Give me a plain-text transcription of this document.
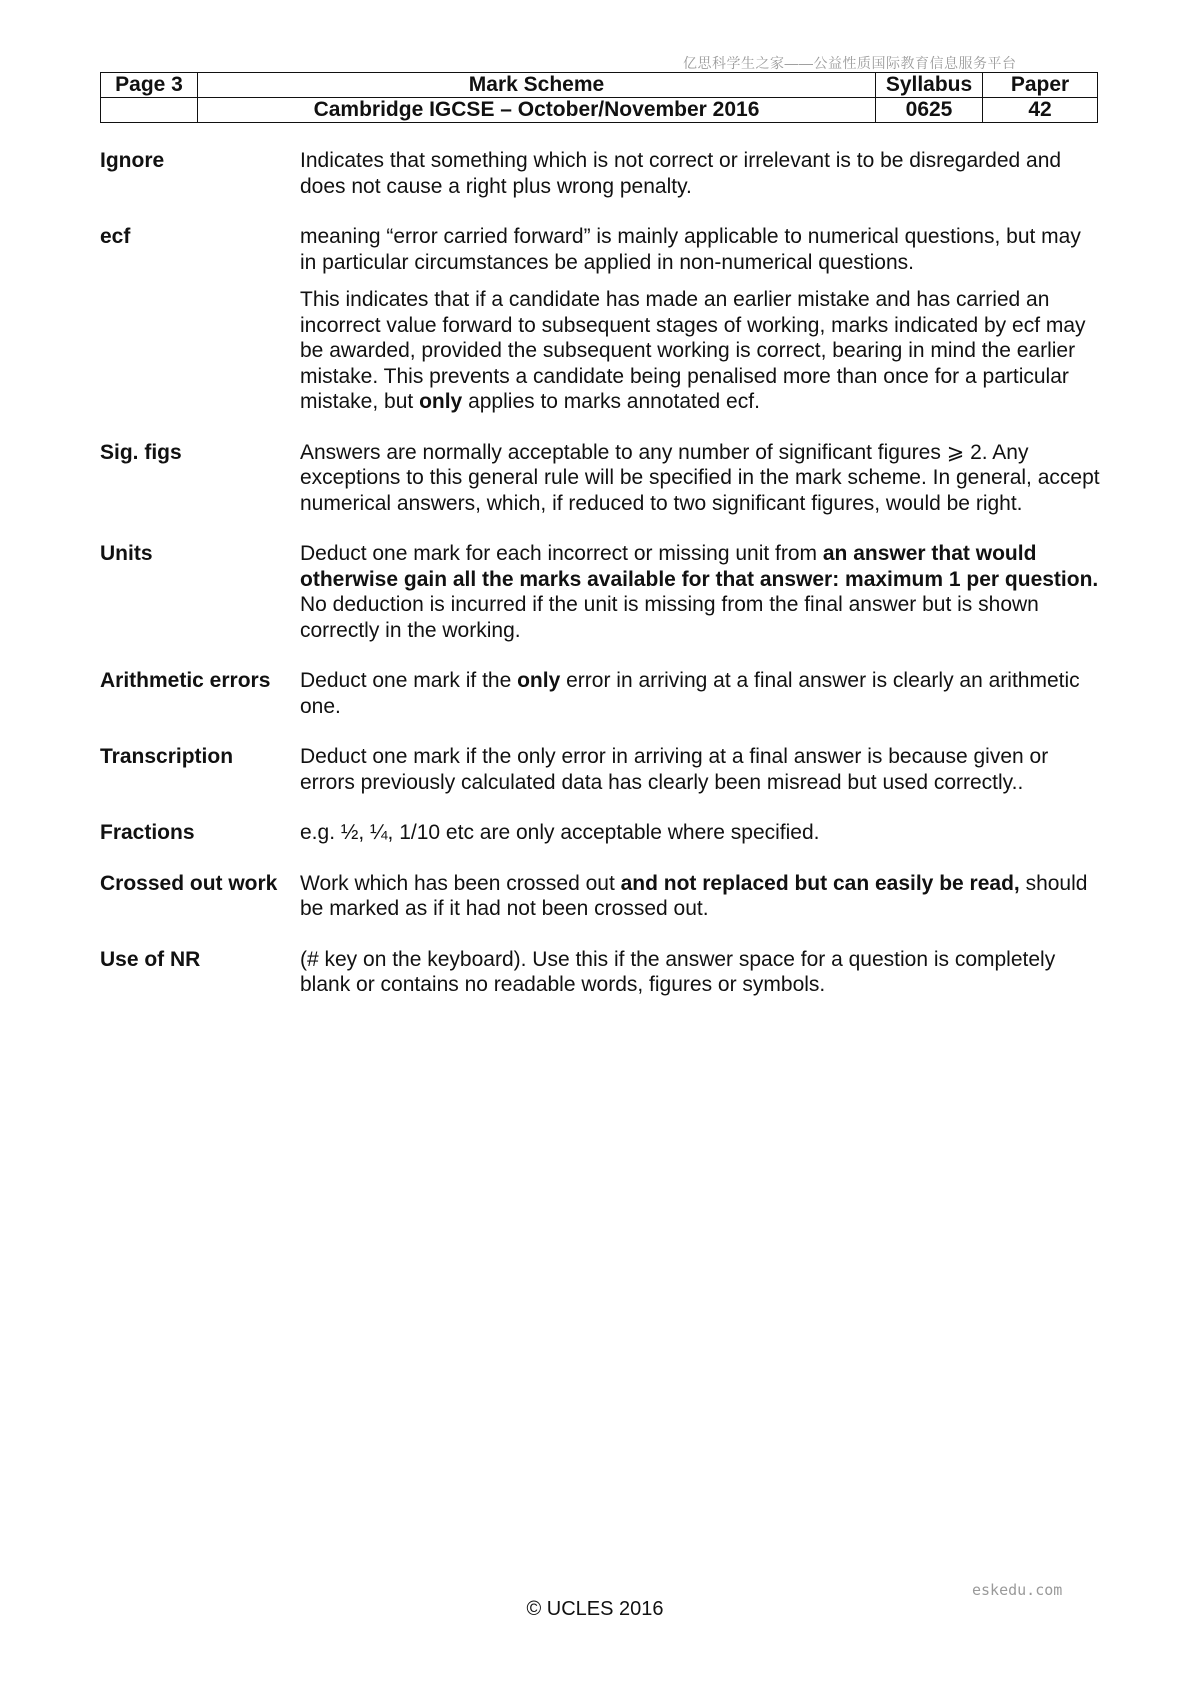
亿思科学生之家——公益性质国际教育信息服务平台
Page 3	Mark Scheme	Syllabus	Paper
	Cambridge IGCSE – October/November 2016	0625	42
Ignore	Indicates that something which is not correct or irrelevant is to be disregarded and does not cause a right plus wrong penalty.

ecf	meaning “error carried forward” is mainly applicable to numerical questions, but may in particular circumstances be applied in non-numerical questions.

This indicates that if a candidate has made an earlier mistake and has carried an incorrect value forward to subsequent stages of working, marks indicated by ecf may be awarded, provided the subsequent working is correct, bearing in mind the earlier mistake. This prevents a candidate being penalised more than once for a particular mistake, but only applies to marks annotated ecf.

Sig. figs	Answers are normally acceptable to any number of significant figures ⩾ 2. Any exceptions to this general rule will be specified in the mark scheme. In general, accept numerical answers, which, if reduced to two significant figures, would be right.

Units	Deduct one mark for each incorrect or missing unit from an answer that would otherwise gain all the marks available for that answer: maximum 1 per question. No deduction is incurred if the unit is missing from the final answer but is shown correctly in the working.

Arithmetic errors	Deduct one mark if the only error in arriving at a final answer is clearly an arithmetic one.

Transcription	Deduct one mark if the only error in arriving at a final answer is because given or errors previously calculated data has clearly been misread but used correctly..

Fractions	e.g. ½, ¼, 1/10 etc are only acceptable where specified.

Crossed out work	Work which has been crossed out and not replaced but can easily be read, should be marked as if it had not been crossed out.

Use of NR	(# key on the keyboard). Use this if the answer space for a question is completely blank or contains no readable words, figures or symbols.

eskedu.com
© UCLES 2016
